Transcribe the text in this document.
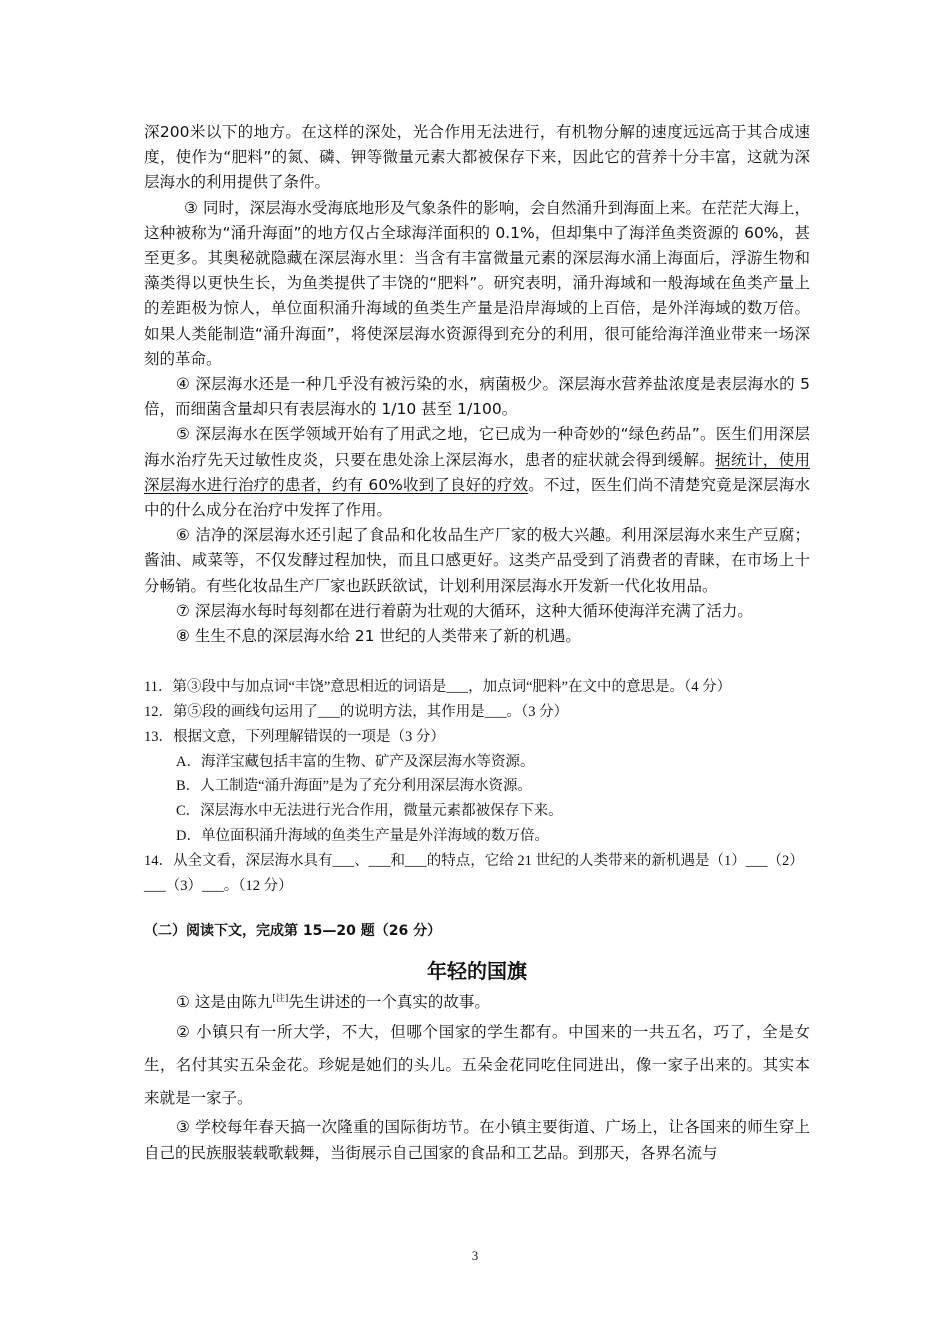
深200米以下的地方。在这样的深处，光合作用无法进行，有机物分解的速度远远高于其合成速度，使作为“肥料”的氮、磷、钾等微量元素大都被保存下来，因此它的营养十分丰富，这就为深层海水的利用提供了条件。

③ 同时，深层海水受海底地形及气象条件的影响，会自然涌升到海面上来。在茫茫大海上，这种被称为“涌升海面”的地方仅占全球海洋面积的 0.1%，但却集中了海洋鱼类资源的 60%，甚至更多。其奥秘就隐藏在深层海水里：当含有丰富微量元素的深层海水涌上海面后，浮游生物和藻类得以更快生长，为鱼类提供了丰饶的“肥料”。研究表明，涌升海域和一般海域在鱼类产量上的差距极为惊人，单位面积涌升海域的鱼类生产量是沿岸海域的上百倍，是外洋海域的数万倍。如果人类能制造“涌升海面”，将使深层海水资源得到充分的利用，很可能给海洋渔业带来一场深刻的革命。

④ 深层海水还是一种几乎没有被污染的水，病菌极少。深层海水营养盐浓度是表层海水的 5 倍，而细菌含量却只有表层海水的 1/10 甚至 1/100。

⑤ 深层海水在医学领域开始有了用武之地，它已成为一种奇妙的“绿色药品”。医生们用深层海水治疗先天过敏性皮炎，只要在患处涂上深层海水，患者的症状就会得到缓解。据统计，使用深层海水进行治疗的患者，约有 60%收到了良好的疗效。不过，医生们尚不清楚究竟是深层海水中的什么成分在治疗中发挥了作用。

⑥ 洁净的深层海水还引起了食品和化妆品生产厂家的极大兴趣。利用深层海水来生产豆腐；酱油、咸菜等，不仅发酵过程加快，而且口感更好。这类产品受到了消费者的青睐，在市场上十分畅销。有些化妆品生产厂家也跃跃欲试，计划利用深层海水开发新一代化妆用品。

⑦ 深层海水每时每刻都在进行着蔚为壮观的大循环，这种大循环使海洋充满了活力。

⑧ 生生不息的深层海水给 21 世纪的人类带来了新的机遇。

11．第③段中与加点词“丰饶”意思相近的词语是___，加点词“肥料”在文中的意思是。（4 分）

12．第⑤段的画线句运用了___的说明方法，其作用是___。（3 分）

13．根据文意，下列理解错误的一项是（3 分）

A．海洋宝藏包括丰富的生物、矿产及深层海水等资源。

B．人工制造“涌升海面”是为了充分利用深层海水资源。

C．深层海水中无法进行光合作用，微量元素都被保存下来。

D．单位面积涌升海域的鱼类生产量是外洋海域的数万倍。

14．从全文看，深层海水具有___、___和___的特点，它给 21 世纪的人类带来的新机遇是（1）___（2）___（3）___。（12 分）

（二）阅读下文，完成第 15—20 题（26 分）
年轻的国旗

① 这是由陈九[注]先生讲述的一个真实的故事。

② 小镇只有一所大学，不大，但哪个国家的学生都有。中国来的一共五名，巧了，全是女生，名付其实五朵金花。珍妮是她们的头儿。五朵金花同吃住同进出，像一家子出来的。其实本来就是一家子。

③ 学校每年春天搞一次隆重的国际街坊节。在小镇主要街道、广场上，让各国来的师生穿上自己的民族服装载歌载舞，当街展示自己国家的食品和工艺品。到那天，各界名流与

3
